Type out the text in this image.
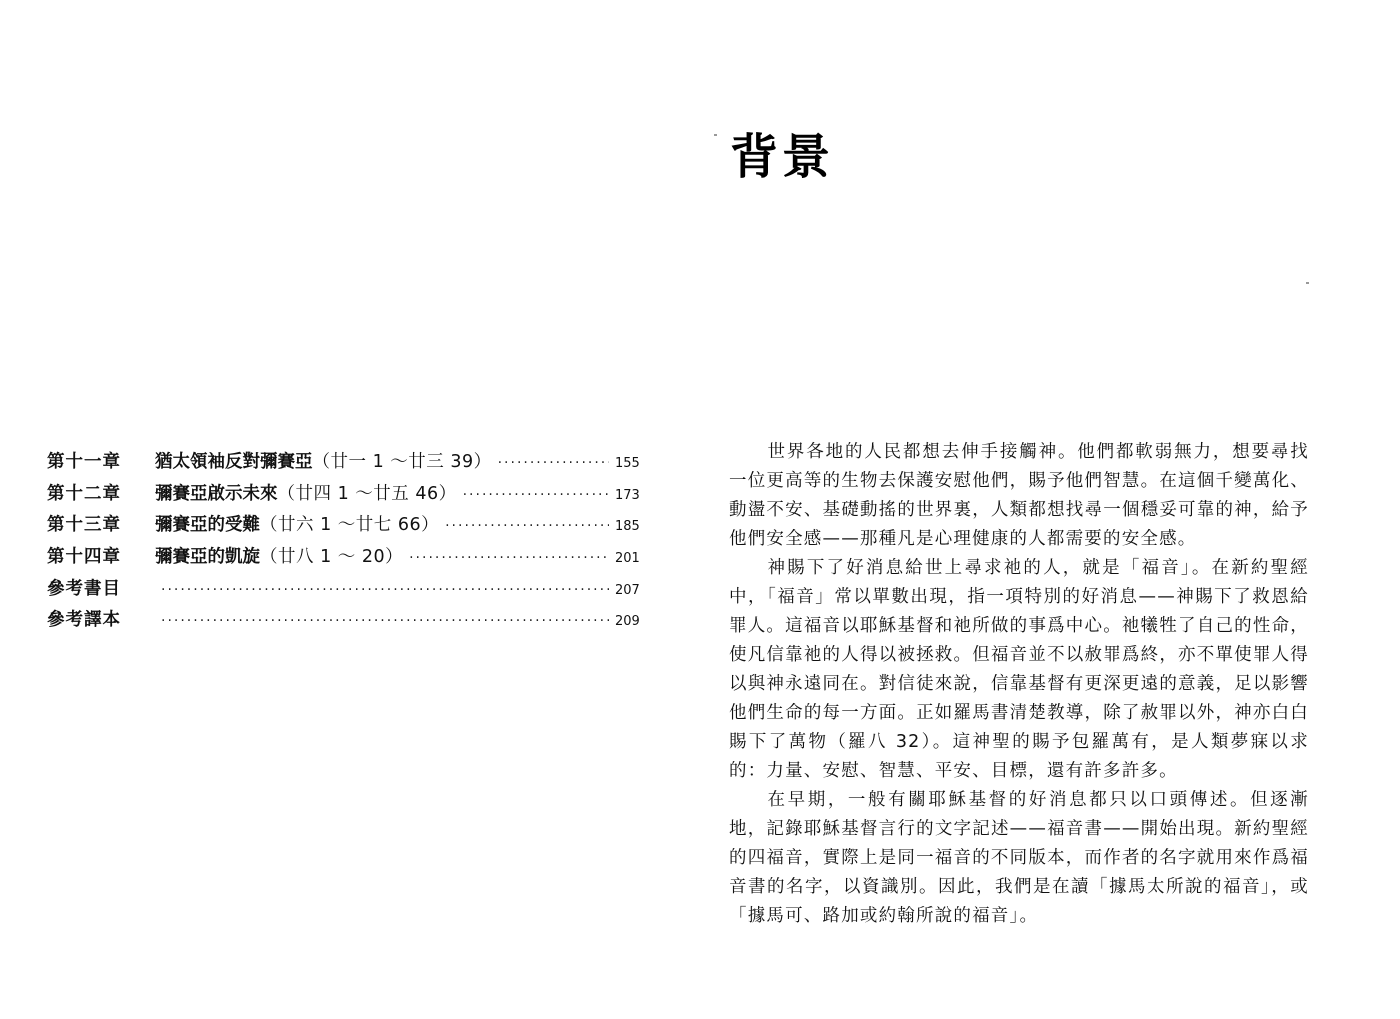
第十一章	猶太領袖反對彌賽亞 （廿一 1 ～廿三 39） ·····	155
第十二章	彌賽亞啟示未來 （廿四 1 ～廿五 46） ·····	173
第十三章	彌賽亞的受難 （廿六 1 ～廿七 66） ·····	185
第十四章	彌賽亞的凱旋 （廿八 1 ～ 20） ·····	201
參考書目 ·····	207
參考譯本 ·····	209
背景

世界各地的人民都想去伸手接觸神。他們都軟弱無力，想要尋找一位更高等的生物去保護安慰他們，賜予他們智慧。在這個千變萬化、動盪不安、基礎動搖的世界裏，人類都想找尋一個穩妥可靠的神，給予他們安全感——那種凡是心理健康的人都需要的安全感。

神賜下了好消息給世上尋求祂的人，就是「福音」。在新約聖經中，「福音」常以單數出現，指一項特別的好消息——神賜下了救恩給罪人。這福音以耶穌基督和祂所做的事爲中心。祂犧牲了自己的性命，使凡信靠祂的人得以被拯救。但福音並不以赦罪爲終，亦不單使罪人得以與神永遠同在。對信徒來說，信靠基督有更深更遠的意義，足以影響他們生命的每一方面。正如羅馬書清楚教導，除了赦罪以外，神亦白白賜下了萬物（羅八 32）。這神聖的賜予包羅萬有，是人類夢寐以求的：力量、安慰、智慧、平安、目標，還有許多許多。

在早期，一般有關耶穌基督的好消息都只以口頭傳述。但逐漸地，記錄耶穌基督言行的文字記述——福音書——開始出現。新約聖經的四福音，實際上是同一福音的不同版本，而作者的名字就用來作爲福音書的名字，以資識別。因此，我們是在讀「據馬太所說的福音」，或「據馬可、路加或約翰所說的福音」。
